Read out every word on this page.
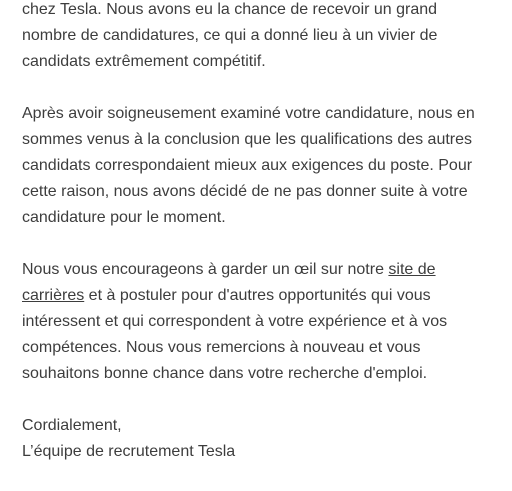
chez Tesla. Nous avons eu la chance de recevoir un grand
nombre de candidatures, ce qui a donné lieu à un vivier de
candidats extrêmement compétitif.

Après avoir soigneusement examiné votre candidature, nous en
sommes venus à la conclusion que les qualifications des autres
candidats correspondaient mieux aux exigences du poste. Pour
cette raison, nous avons décidé de ne pas donner suite à votre
candidature pour le moment.

Nous vous encourageons à garder un œil sur notre site de
carrières et à postuler pour d'autres opportunités qui vous
intéressent et qui correspondent à votre expérience et à vos
compétences. Nous vous remercions à nouveau et vous
souhaitons bonne chance dans votre recherche d'emploi.

Cordialement,
L’équipe de recrutement Tesla
